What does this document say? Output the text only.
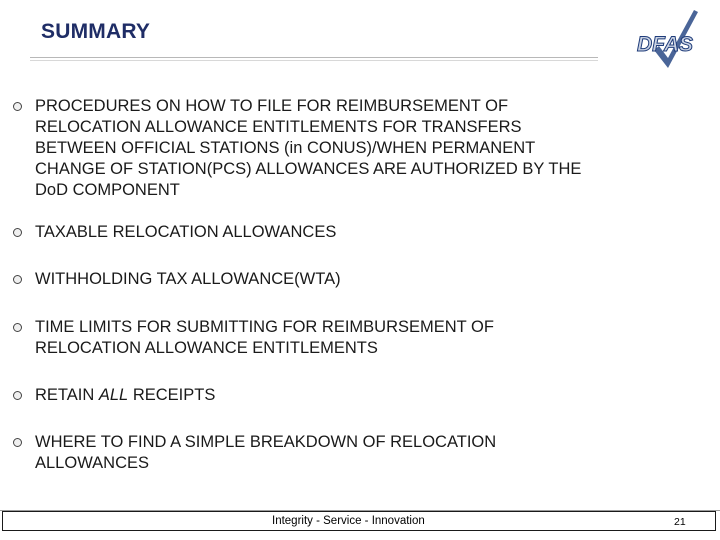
SUMMARY
DFAS
PROCEDURES ON HOW TO FILE FOR REIMBURSEMENT OF
RELOCATION ALLOWANCE ENTITLEMENTS FOR TRANSFERS
BETWEEN OFFICIAL STATIONS (in CONUS)/WHEN PERMANENT
CHANGE OF STATION(PCS) ALLOWANCES ARE AUTHORIZED BY THE
DoD COMPONENT
TAXABLE RELOCATION ALLOWANCES
WITHHOLDING TAX ALLOWANCE(WTA)
TIME LIMITS FOR SUBMITTING FOR REIMBURSEMENT OF
RELOCATION ALLOWANCE ENTITLEMENTS
RETAIN ALL RECEIPTS
WHERE TO FIND A SIMPLE BREAKDOWN OF RELOCATION
ALLOWANCES
Integrity - Service - Innovation	21
